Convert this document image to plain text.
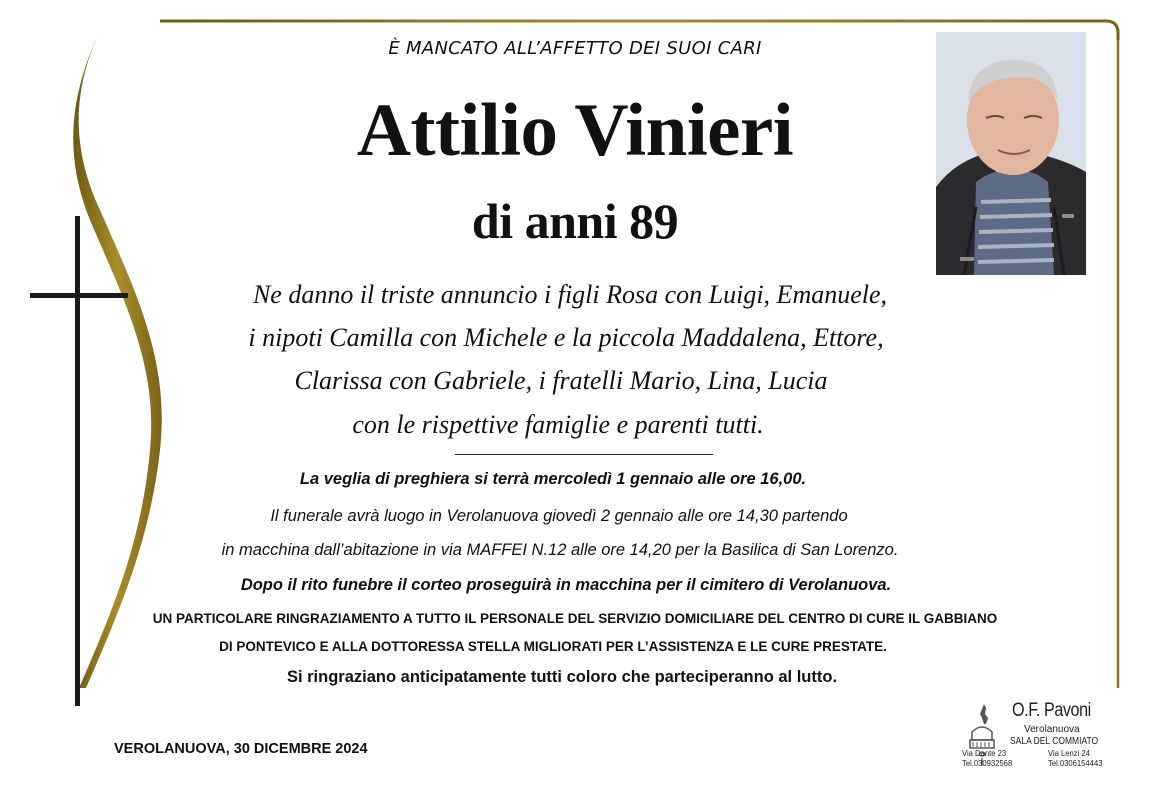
È MANCATO ALL’AFFETTO DEI SUOI CARI
Attilio Vinieri
di anni 89
Ne danno il triste annuncio i figli Rosa con Luigi, Emanuele,
i nipoti Camilla con Michele e la piccola Maddalena, Ettore,
Clarissa con Gabriele, i fratelli Mario, Lina, Lucia
con le rispettive famiglie e parenti tutti.
La veglia di preghiera si terrà mercoledì 1 gennaio alle ore 16,00.
Il funerale avrà luogo in Verolanuova giovedì 2 gennaio alle ore 14,30 partendo
in macchina dall’abitazione in via MAFFEI N.12 alle ore 14,20 per la Basilica di San Lorenzo.
Dopo il rito funebre il corteo proseguirà in macchina per il cimitero di Verolanuova.
UN PARTICOLARE RINGRAZIAMENTO A TUTTO IL PERSONALE DEL SERVIZIO DOMICILIARE DEL CENTRO DI CURE IL GABBIANO
DI PONTEVICO E ALLA DOTTORESSA STELLA MIGLIORATI PER L’ASSISTENZA E LE CURE PRESTATE.
Si ringraziano anticipatamente tutti coloro che parteciperanno al lutto.
VEROLANUOVA, 30 DICEMBRE 2024
O.F. Pavoni
Verolanuova
SALA DEL COMMIATO
Via Dante 23
Tel.030932568
Via Lenzi 24
Tel.0306154443
